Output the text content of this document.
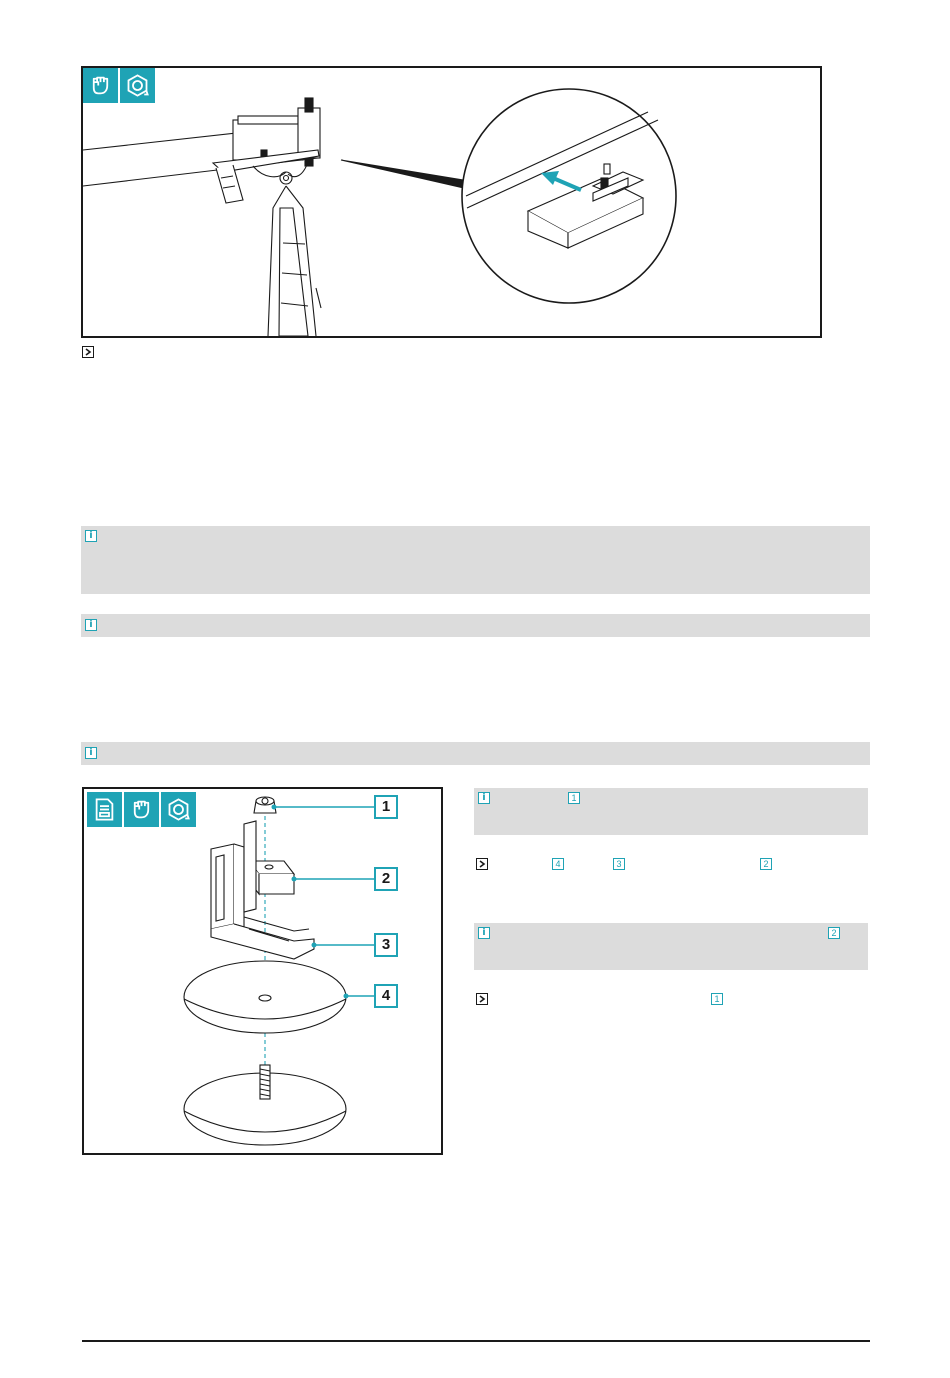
i
i
i
1
2
3
4
i	1
4	3	2
i	2
1
